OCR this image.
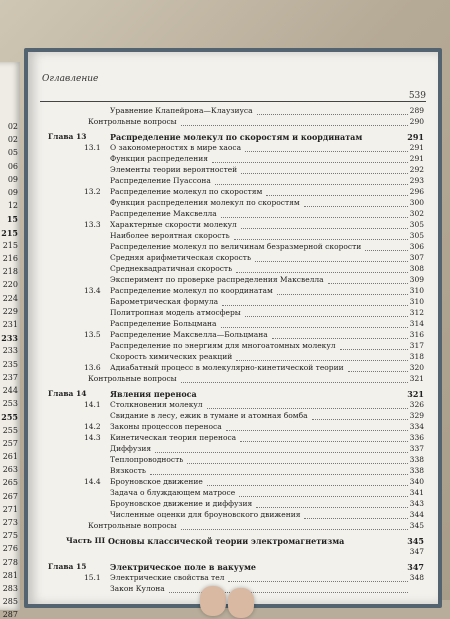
02
02
05
06
09
09
12
15
215
215
216
218
220
224
229
231
233
233
235
237
244
253
255
255
257
261
263
265
267
271
273
275
276
278
281
283
285
287
Оглавление
539
Уравнение Клапейрона—Клаузиуса	289
Контрольные вопросы	290
Глава 13	Распределение молекул по скоростям и координатам	291
13.1 О закономерностях в мире хаоса	291
Функция распределения	291
Элементы теории вероятностей	292
Распределение Пуассона	293
13.2 Распределение молекул по скоростям	296
Функция распределения молекул по скоростям	300
Распределение Максвелла	302
13.3 Характерные скорости молекул	305
Наиболее вероятная скорость	305
Распределение молекул по величинам безразмерной скорости	306
Средняя арифметическая скорость	307
Среднеквадратичная скорость	308
Эксперимент по проверке распределения Максвелла	309
13.4 Распределение молекул по координатам	310
Барометрическая формула	310
Политропная модель атмосферы	312
Распределение Больцмана	314
13.5 Распределение Максвелла—Больцмана	316
Распределение по энергиям для многоатомных молекул	317
Скорость химических реакций	318
13.6 Адиабатный процесс в молекулярно-кинетической теории	320
Контрольные вопросы	321
Глава 14	Явления переноса	321
14.1 Столкновения молекул	326
Свидание в лесу, ежик в тумане и атомная бомба	329
14.2 Законы процессов переноса	334
14.3 Кинетическая теория переноса	336
Диффузия	337
Теплопроводность	338
Вязкость	338
14.4 Броуновское движение	340
Задача о блуждающем матросе	341
Броуновское движение и диффузия	343
Численные оценки для броуновского движения	344
Контрольные вопросы	345
Часть III Основы классической теории электромагнетизма	345
347
Глава 15	Электрическое поле в вакууме	347
15.1 Электрические свойства тел	348
Закон Кулона
